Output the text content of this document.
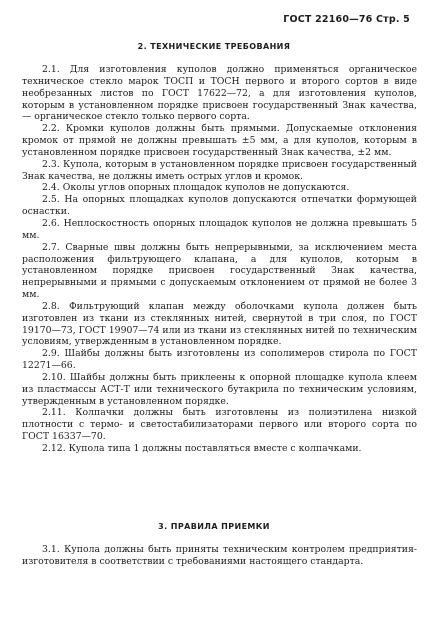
ГОСТ 22160—76 Стр. 5
2. ТЕХНИЧЕСКИЕ ТРЕБОВАНИЯ

2.1. Для изготовления куполов должно применяться органическое техническое стекло марок ТОСП и ТОСН первого и второго сортов в виде необрезанных листов по ГОСТ 17622—72, а для изготовления куполов, которым в установленном порядке присвоен государственный Знак качества, — органическое стекло только первого сорта.

2.2. Кромки куполов должны быть прямыми. Допускаемые отклонения кромок от прямой не должны превышать ±5 мм, а для куполов, которым в установленном порядке присвоен государственный Знак качества, ±2 мм.

2.3. Купола, которым в установленном порядке присвоен государственный Знак качества, не должны иметь острых углов и кромок.

2.4. Околы углов опорных площадок куполов не допускаются.

2.5. На опорных площадках куполов допускаются отпечатки формующей оснастки.

2.6. Неплоскостность опорных площадок куполов не должна превышать 5 мм.

2.7. Сварные швы должны быть непрерывными, за исключением места расположения фильтрующего клапана, а для куполов, которым в установленном порядке присвоен государственный Знак качества, непрерывными и прямыми с допускаемым отклонением от прямой не более 3 мм.

2.8. Фильтрующий клапан между оболочками купола должен быть изготовлен из ткани из стеклянных нитей, свернутой в три слоя, по ГОСТ 19170—73, ГОСТ 19907—74 или из ткани из стеклянных нитей по техническим условиям, утвержденным в установленном порядке.

2.9. Шайбы должны быть изготовлены из сополимеров стирола по ГОСТ 12271—66.

2.10. Шайбы должны быть приклеены к опорной площадке купола клеем из пластмассы АСТ-Т или технического бутакрила по техническим условиям, утвержденным в установленном порядке.

2.11. Колпачки должны быть изготовлены из полиэтилена низкой плотности с термо- и светостабилизаторами первого или второго сорта по ГОСТ 16337—70.

2.12. Купола типа 1 должны поставляться вместе с колпачками.

3. ПРАВИЛА ПРИЕМКИ

3.1. Купола должны быть приняты техническим контролем предприятия-изготовителя в соответствии с требованиями настоящего стандарта.
